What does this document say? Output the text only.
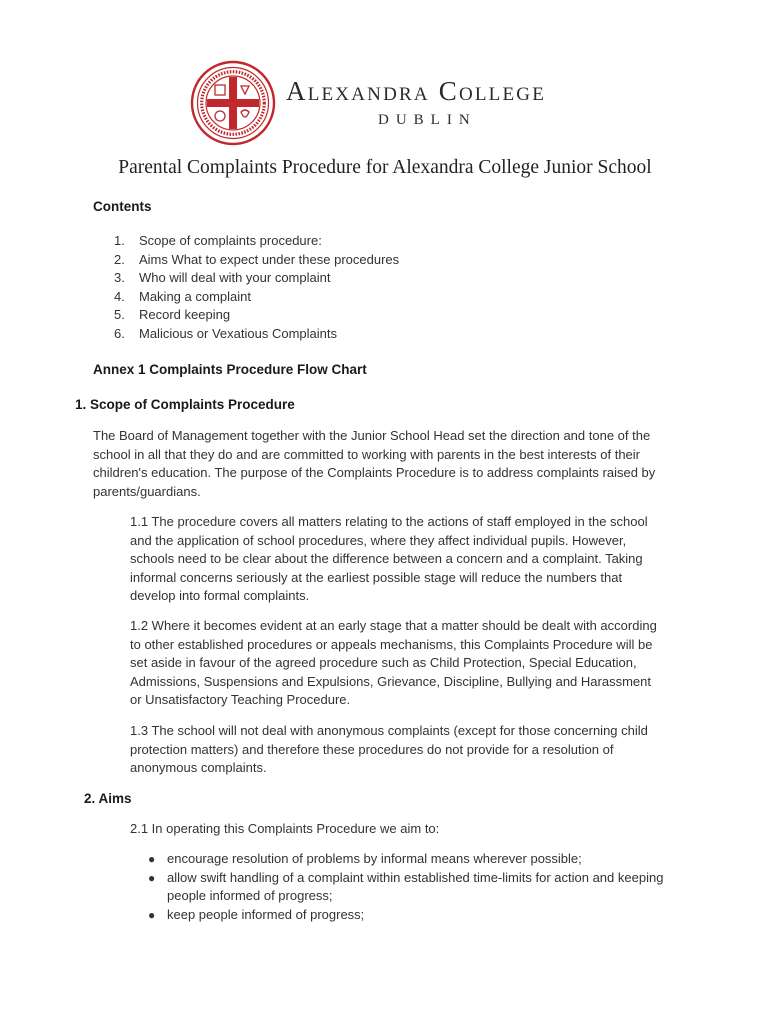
Alexandra College
DUBLIN
Parental Complaints Procedure for Alexandra College Junior School
Contents
1. Scope of complaints procedure:
2. Aims What to expect under these procedures
3. Who will deal with your complaint
4. Making a complaint
5. Record keeping
6. Malicious or Vexatious Complaints
Annex 1 Complaints Procedure Flow Chart
1. Scope of Complaints Procedure

The Board of Management together with the Junior School Head set the direction and tone of the school in all that they do and are committed to working with parents in the best interests of their children's education. The purpose of the Complaints Procedure is to address complaints raised by parents/guardians.

1.1 The procedure covers all matters relating to the actions of staff employed in the school and the application of school procedures, where they affect individual pupils. However, schools need to be clear about the difference between a concern and a complaint. Taking informal concerns seriously at the earliest possible stage will reduce the numbers that develop into formal complaints.

1.2 Where it becomes evident at an early stage that a matter should be dealt with according to other established procedures or appeals mechanisms, this Complaints Procedure will be set aside in favour of the agreed procedure such as Child Protection, Special Education, Admissions, Suspensions and Expulsions, Grievance, Discipline, Bullying and Harassment or Unsatisfactory Teaching Procedure.

1.3 The school will not deal with anonymous complaints (except for those concerning child protection matters) and therefore these procedures do not provide for a resolution of anonymous complaints.

2. Aims

2.1 In operating this Complaints Procedure we aim to:

● encourage resolution of problems by informal means wherever possible;
● allow swift handling of a complaint within established time-limits for action and keeping people informed of progress;
● keep people informed of progress;
